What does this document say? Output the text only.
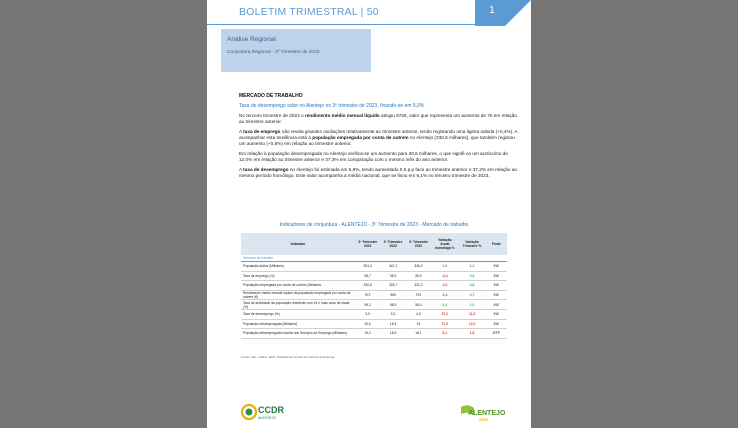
BOLETIM TRIMESTRAL | 50	1
Análise Regional
Conjuntura Regional - 3º Trimestre de 2023
MERCADO DE TRABALHO
Taxa de desemprego sobe no Alentejo no 3º trimestre de 2023, fixando-se em 5,9%

No terceiro trimestre de 2023 o rendimento médio mensal líquido atingiu 972€, valor que representa um aumento de 7€ em relação ao trimestre anterior.

A taxa de emprego não revela grandes oscilações relativamente ao trimestre anterior, tendo registando uma ligeira subida (+0,4%). A acompanhar esta tendência está a população empregada por conta de outrem no Alentejo (330,6 milhares), que também registou um aumento (+0,6%) em relação ao trimestre anterior.

Em relação à população desempregada no Alentejo verifica-se um aumento para 20,6 milhares, o que signifi-ca um acréscimo de 12,0% em relação ao trimestre anterior e 37,3% em comparação com o mesmo mês do ano anterior.

A taxa de desemprego no Alentejo foi estimada em 5,9%, tendo aumentado 0,6 p.p face ao trimestre anterior e 37,2% em relação ao mesmo período homólogo. Este valor acompanha a média nacional, que se fixou em 6,1% no terceiro trimestre de 2023.

Indicadores de conjuntura - ALENTEJO - 3º Trimestre de 2023 - Mercado de trabalho
Indicador	3º Trimestre 2023	2º Trimestre 2023	3º Trimestre 2022	Variação Anual homóloga %	Variação Trimestre %	Fonte
Mercado de trabalho						
População Activa (Milhares)	351,3	347,1	346,2	1,5	1,2	INE
Taxa de emprego (%)	55,7	55,5	55,9	-0,4	0,4	INE
População empregada por conta de outrem (Milhares	330,6	328,7	331,2	-0,2	0,6	INE
Rendimento médio mensal líquido da população empregada por conta de outrem (€)	972	965	974	-0,2	0,7	INE
Taxa de actividade da população residente com 15 e mais anos de idade (%)	59,2	58,5	58,4	1,4	1,2	INE
Taxa de desemprego (%)	5,9	5,3	4,3	37,2	11,3	INE
População desempregada (Milhares)	20,6	18,4	15	37,3	12,0	INE
População desempregada inscrita nos Serviços de Emprego (Milhares)	19,2	18,9	18,1	6,1	1,6	IEFP
Fontes: INE - Infoline; IEFP - Estatísticas mensais dos Centros de Emprego
CCDR
ALENTEJO
ALENTEJO
2020
